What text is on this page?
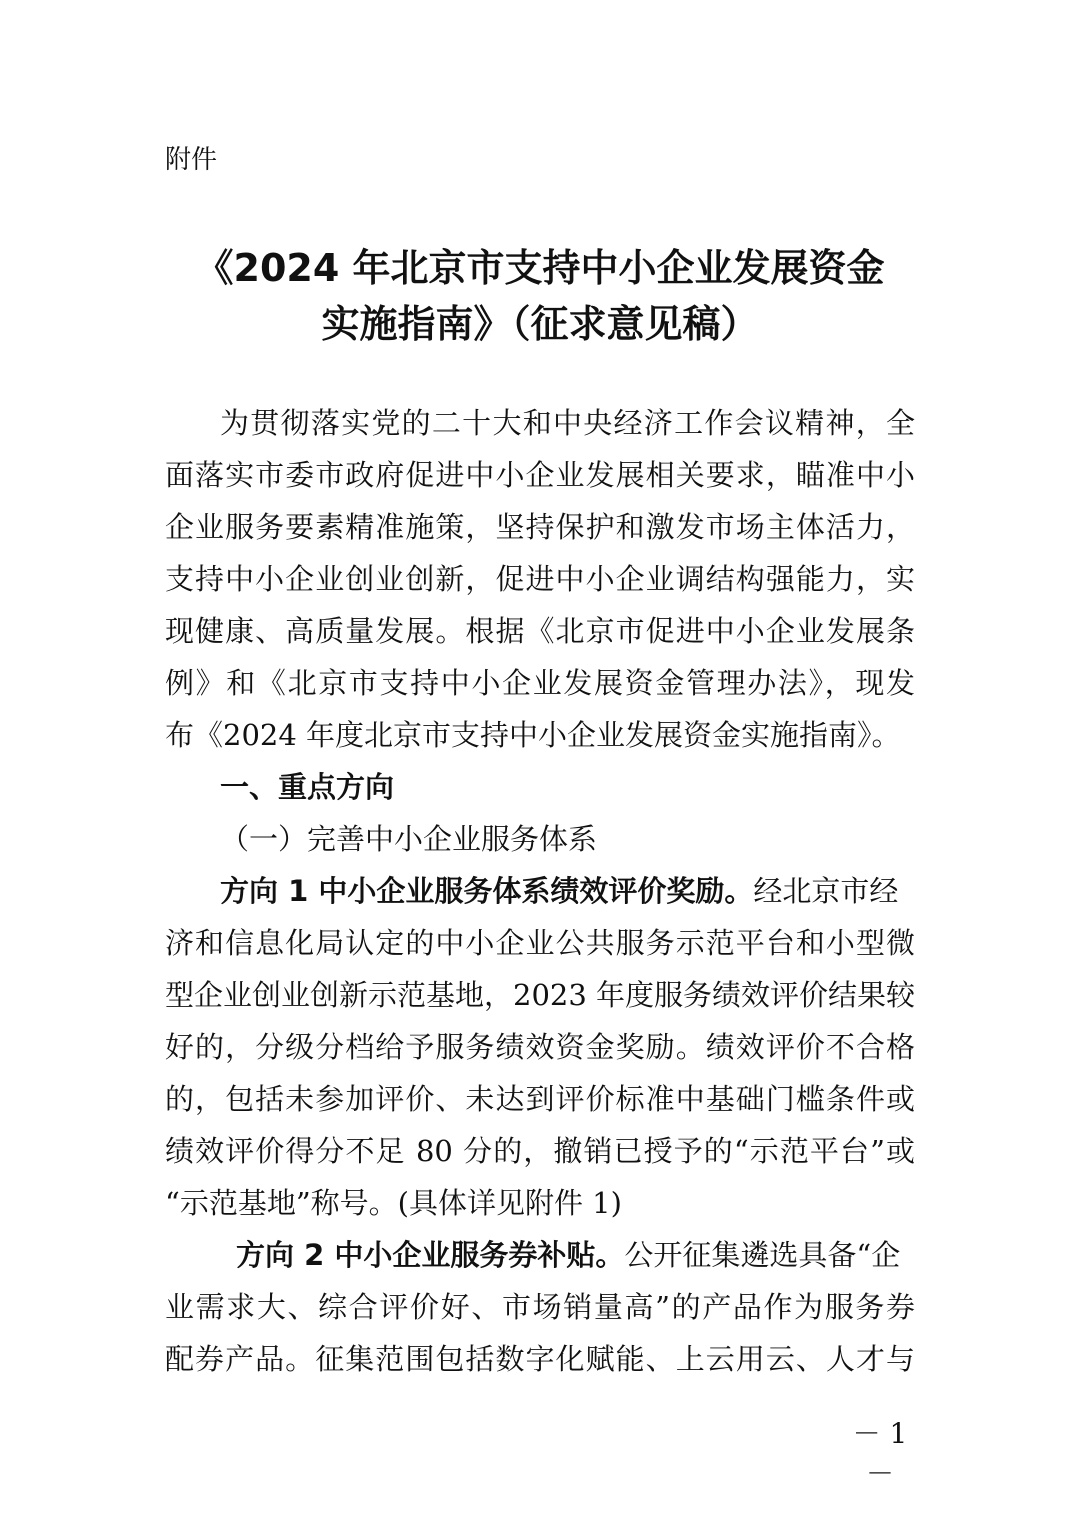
附件
《2024 年北京市支持中小企业发展资金
实施指南》（征求意见稿）
为贯彻落实党的二十大和中央经济工作会议精神，全
面落实市委市政府促进中小企业发展相关要求，瞄准中小
企业服务要素精准施策，坚持保护和激发市场主体活力，
支持中小企业创业创新，促进中小企业调结构强能力，实
现健康、高质量发展。根据《北京市促进中小企业发展条
例》和《北京市支持中小企业发展资金管理办法》，现发
布《2024 年度北京市支持中小企业发展资金实施指南》。
一、重点方向
（一）完善中小企业服务体系
方向 1 中小企业服务体系绩效评价奖励。经北京市经
济和信息化局认定的中小企业公共服务示范平台和小型微
型企业创业创新示范基地，2023 年度服务绩效评价结果较
好的，分级分档给予服务绩效资金奖励。绩效评价不合格
的，包括未参加评价、未达到评价标准中基础门槛条件或
绩效评价得分不足 80 分的，撤销已授予的“示范平台”或
“示范基地”称号。(具体详见附件 1)
方向 2 中小企业服务券补贴。公开征集遴选具备“企
业需求大、综合评价好、市场销量高”的产品作为服务券
配券产品。征集范围包括数字化赋能、上云用云、人才与
－ 1 －
